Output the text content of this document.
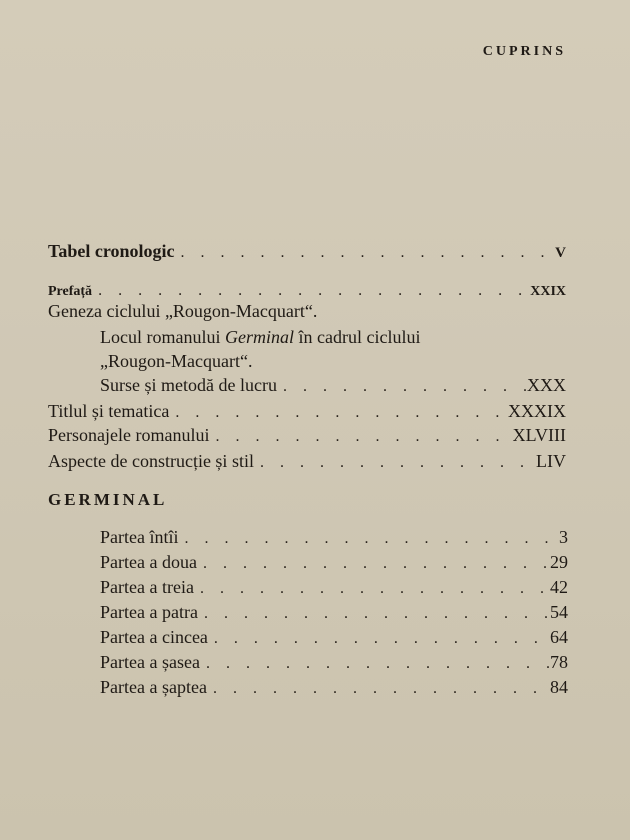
CUPRINS
Tabel cronologic . . .	V
Prefață . . .	XXIX
Geneza ciclului „Rougon-Macquart“.
Locul romanului Germinal în cadrul ciclului
„Rougon-Macquart“.
Surse și metodă de lucru . . .	XXX
Titlul și tematica . . .	XXXIX
Personajele romanului . . .	XLVIII
Aspecte de construcție și stil . . .	LIV
GERMINAL
Partea întîi . . .	3
Partea a doua . . .	29
Partea a treia . . .	42
Partea a patra . . .	54
Partea a cincea . . .	64
Partea a șasea . . .	78
Partea a șaptea . . .	84
